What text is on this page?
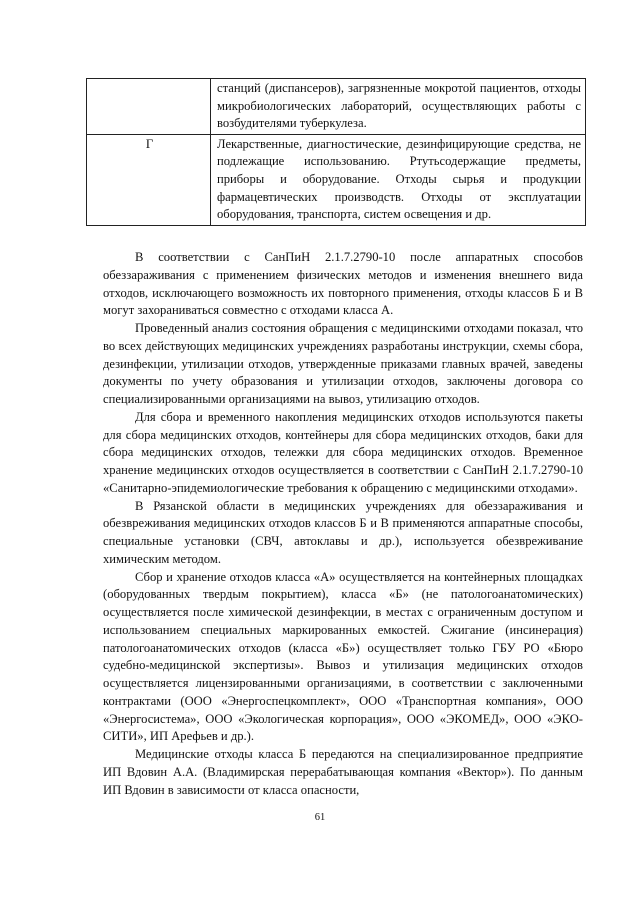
	станций (диспансеров), загрязненные мокротой пациентов, отходы микробиологических лабораторий, осуществляющих работы с возбудителями туберкулеза.
Г	Лекарственные, диагностические, дезинфицирующие средства, не подлежащие использованию. Ртутьсодержащие предметы, приборы и оборудование. Отходы сырья и продукции фармацевтических производств. Отходы от эксплуатации оборудования, транспорта, систем освещения и др.

В соответствии с СанПиН 2.1.7.2790-10 после аппаратных способов обеззараживания с применением физических методов и изменения внешнего вида отходов, исключающего возможность их повторного применения, отходы классов Б и В могут захораниваться совместно с отходами класса А.

Проведенный анализ состояния обращения с медицинскими отходами показал, что во всех действующих медицинских учреждениях разработаны инструкции, схемы сбора, дезинфекции, утилизации отходов, утвержденные приказами главных врачей, заведены документы по учету образования и утилизации отходов, заключены договора со специализированными организациями на вывоз, утилизацию отходов.

Для сбора и временного накопления медицинских отходов используются пакеты для сбора медицинских отходов, контейнеры для сбора медицинских отходов, баки для сбора медицинских отходов, тележки для сбора медицинских отходов. Временное хранение медицинских отходов осуществляется в соответствии с СанПиН 2.1.7.2790-10 «Санитарно-эпидемиологические требования к обращению с медицинскими отходами».

В Рязанской области в медицинских учреждениях для обеззараживания и обезвреживания медицинских отходов классов Б и В применяются аппаратные способы, специальные установки (СВЧ, автоклавы и др.), используется обезвреживание химическим методом.

Сбор и хранение отходов класса «А» осуществляется на контейнерных площадках (оборудованных твердым покрытием), класса «Б» (не патологоанатомических) осуществляется после химической дезинфекции, в местах с ограниченным доступом и использованием специальных маркированных емкостей. Сжигание (инсинерация) патологоанатомических отходов (класса «Б») осуществляет только ГБУ РО «Бюро судебно-медицинской экспертизы». Вывоз и утилизация медицинских отходов осуществляется лицензированными организациями, в соответствии с заключенными контрактами (ООО «Энергоспецкомплект», ООО «Транспортная компания», ООО «Энергосистема», ООО «Экологическая корпорация», ООО «ЭКОМЕД», ООО «ЭКО-СИТИ», ИП Арефьев и др.).

Медицинские отходы класса Б передаются на специализированное предприятие ИП Вдовин А.А. (Владимирская перерабатывающая компания «Вектор»). По данным ИП Вдовин в зависимости от класса опасности,

61
